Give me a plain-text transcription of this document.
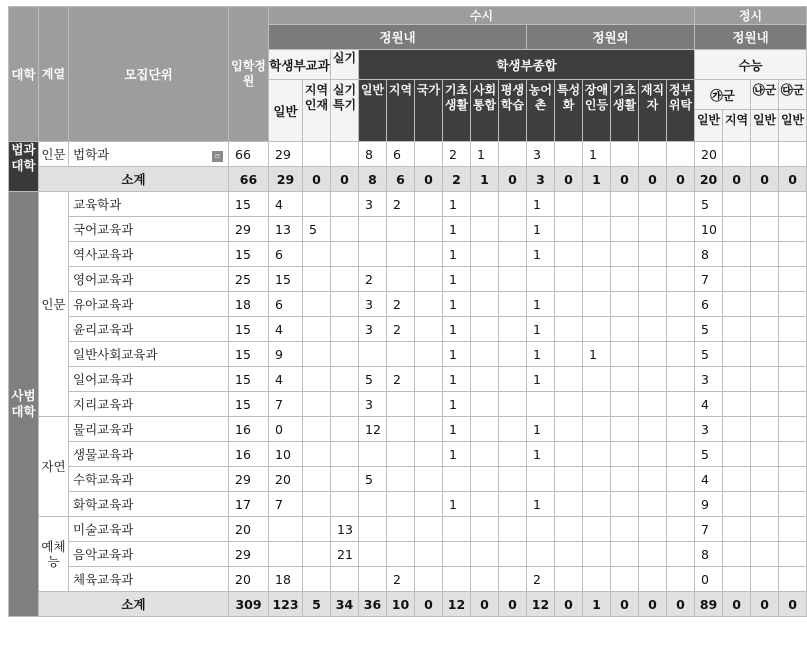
대학	계열	모집단위	입학정원	수시															정시			
				정원내									정원외						정원내			
				학생부교과		실기	학생부종합												수능			
				일반	지역인재	실기특기	일반	지역	국가	기초생활	사회통합	평생학습	농어촌	특성화	장애인등	기초생활	재직자	정부위탁	㉮군		㉯군	㉰군
																			일반	지역	일반	일반
법과대학	인문	법학과 ㄹ	66	29			8	6		2	1		3		1				20			
	소계		66	29	0	0	8	6	0	2	1	0	3	0	1	0	0	0	20	0	0	0
사범대학	인문	교육학과	15	4			3	2		1			1						5			
		국어교육과	29	13	5					1			1						10			
		역사교육과	15	6						1			1						8			
		영어교육과	25	15			2			1									7			
		유아교육과	18	6			3	2		1			1						6			
		윤리교육과	15	4			3	2		1			1						5			
		일반사회교육과	15	9						1			1		1				5			
		일어교육과	15	4			5	2		1			1						3			
		지리교육과	15	7			3			1									4			
	자연	물리교육과	16	0			12			1			1						3			
		생물교육과	16	10						1			1						5			
		수학교육과	29	20			5												4			
		화학교육과	17	7						1			1						9			
	예체능	미술교육과	20			13													7			
		음악교육과	29			21													8			
		체육교육과	20	18				2					2						0			
	소계		309	123	5	34	36	10	0	12	0	0	12	0	1	0	0	0	89	0	0	0
